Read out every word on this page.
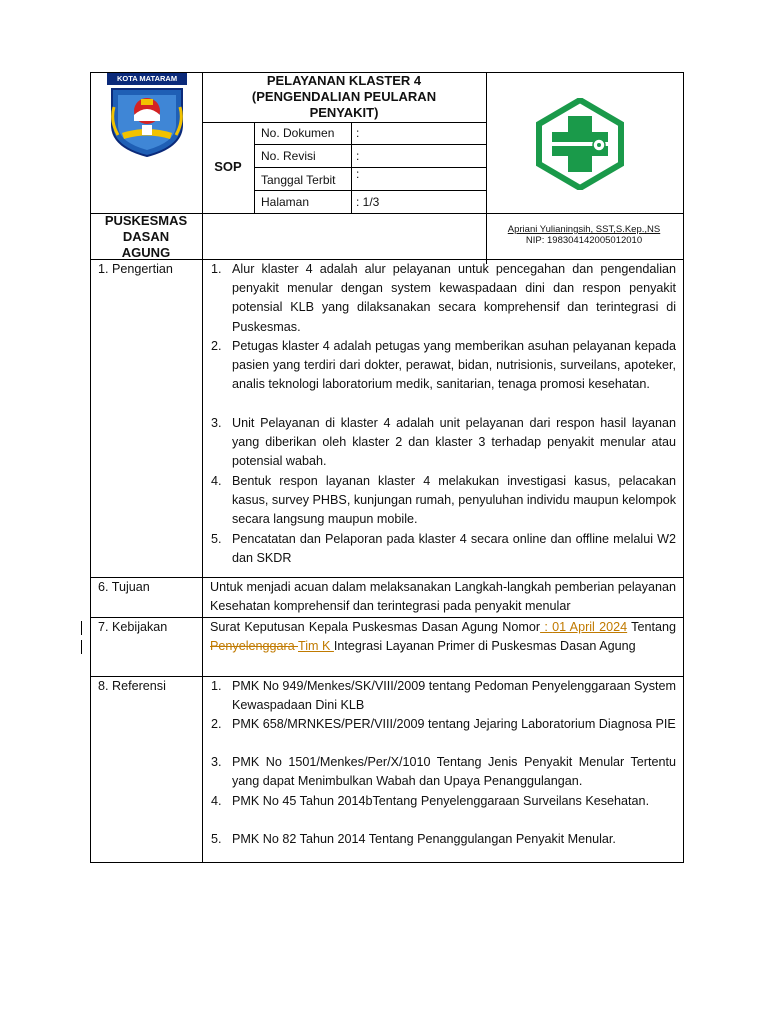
KOTA MATARAM	PELAYANAN KLASTER 4
(PENGENDALIAN PEULARAN
PENYAKIT)
SOP
No. Dokumen :
No. Revisi	:
Tanggal Terbit :
Halaman	: 1/3
PUSKESMAS
DASAN
AGUNG
Apriani Yulianingsih, SST,S.Kep.,NS
NIP: 198304142005012010
1. Pengertian	1. Alur klaster 4 adalah alur pelayanan untuk pencegahan dan pengendalian penyakit menular dengan system kewaspadaan dini dan respon penyakit potensial KLB yang dilaksanakan secara komprehensif dan terintegrasi di Puskesmas.
2. Petugas klaster 4 adalah petugas yang memberikan asuhan pelayanan kepada pasien yang terdiri dari dokter, perawat, bidan, nutrisionis, surveilans, apoteker, analis teknologi laboratorium medik, sanitarian, tenaga promosi kesehatan.
3. Unit Pelayanan di klaster 4 adalah unit pelayanan dari respon hasil layanan yang diberikan oleh klaster 2 dan klaster 3 terhadap penyakit menular atau potensial wabah.
4. Bentuk respon layanan klaster 4 melakukan investigasi kasus, pelacakan kasus, survey PHBS, kunjungan rumah, penyuluhan individu maupun kelompok secara langsung maupun mobile.
5. Pencatatan dan Pelaporan pada klaster 4 secara online dan offline melalui W2 dan SKDR
6. Tujuan	Untuk menjadi acuan dalam melaksanakan Langkah-langkah pemberian pelayanan Kesehatan komprehensif dan terintegrasi pada penyakit menular
7. Kebijakan	Surat Keputusan Kepala Puskesmas Dasan Agung Nomor : 01 April 2024 Tentang Penyelenggara Tim K Integrasi Layanan Primer di Puskesmas Dasan Agung
8. Referensi	1. PMK No 949/Menkes/SK/VIII/2009 tentang Pedoman Penyelenggaraan System Kewaspadaan Dini KLB
2. PMK 658/MRNKES/PER/VIII/2009 tentang Jejaring Laboratorium Diagnosa PIE
3. PMK No 1501/Menkes/Per/X/1010 Tentang Jenis Penyakit Menular Tertentu yang dapat Menimbulkan Wabah dan Upaya Penanggulangan.
4. PMK No 45 Tahun 2014bTentang Penyelenggaraan Surveilans Kesehatan.
5. PMK No 82 Tahun 2014 Tentang Penanggulangan Penyakit Menular.
